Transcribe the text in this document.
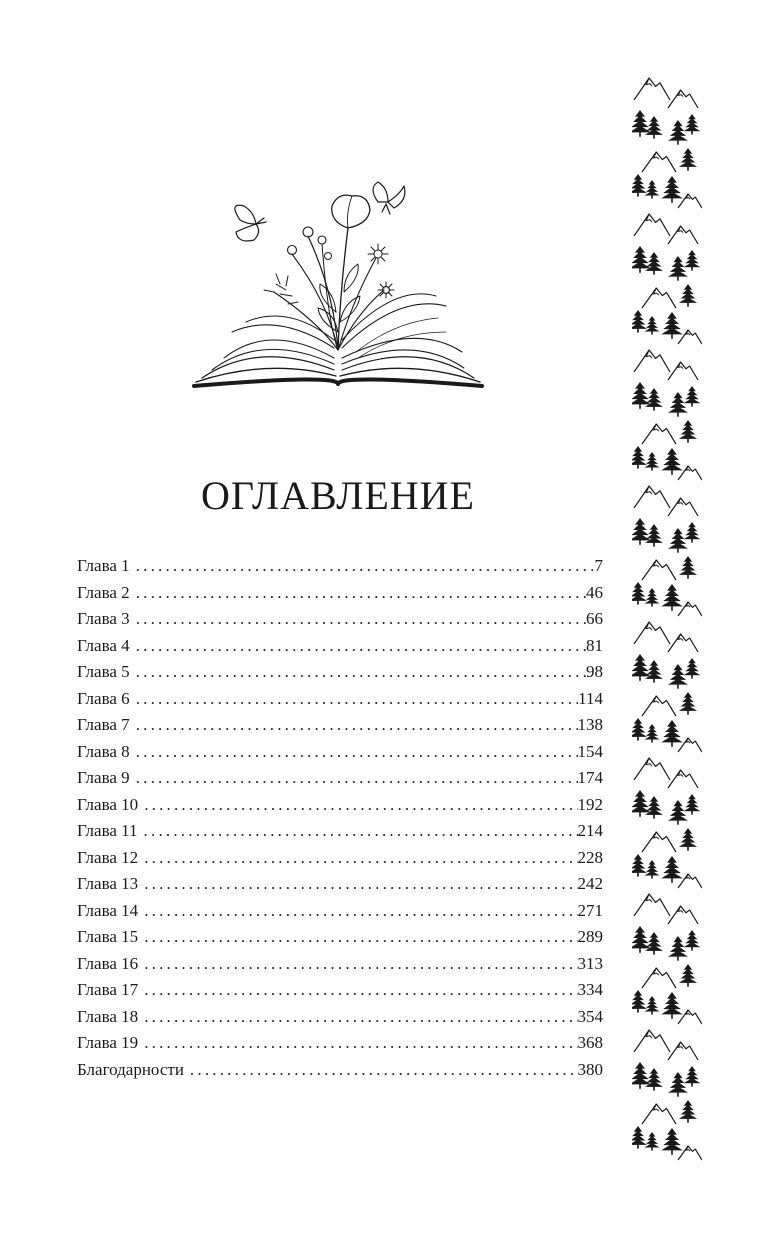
ОГЛАВЛЕНИЕ
Глава 1 .....	7
Глава 2 .....	46
Глава 3 .....	66
Глава 4 .....	81
Глава 5 .....	98
Глава 6 .....	114
Глава 7 .....	138
Глава 8 .....	154
Глава 9 .....	174
Глава 10 .....	192
Глава 11 .....	214
Глава 12 .....	228
Глава 13 .....	242
Глава 14 .....	271
Глава 15 .....	289
Глава 16 .....	313
Глава 17 .....	334
Глава 18 .....	354
Глава 19 .....	368
Благодарности .....	380
